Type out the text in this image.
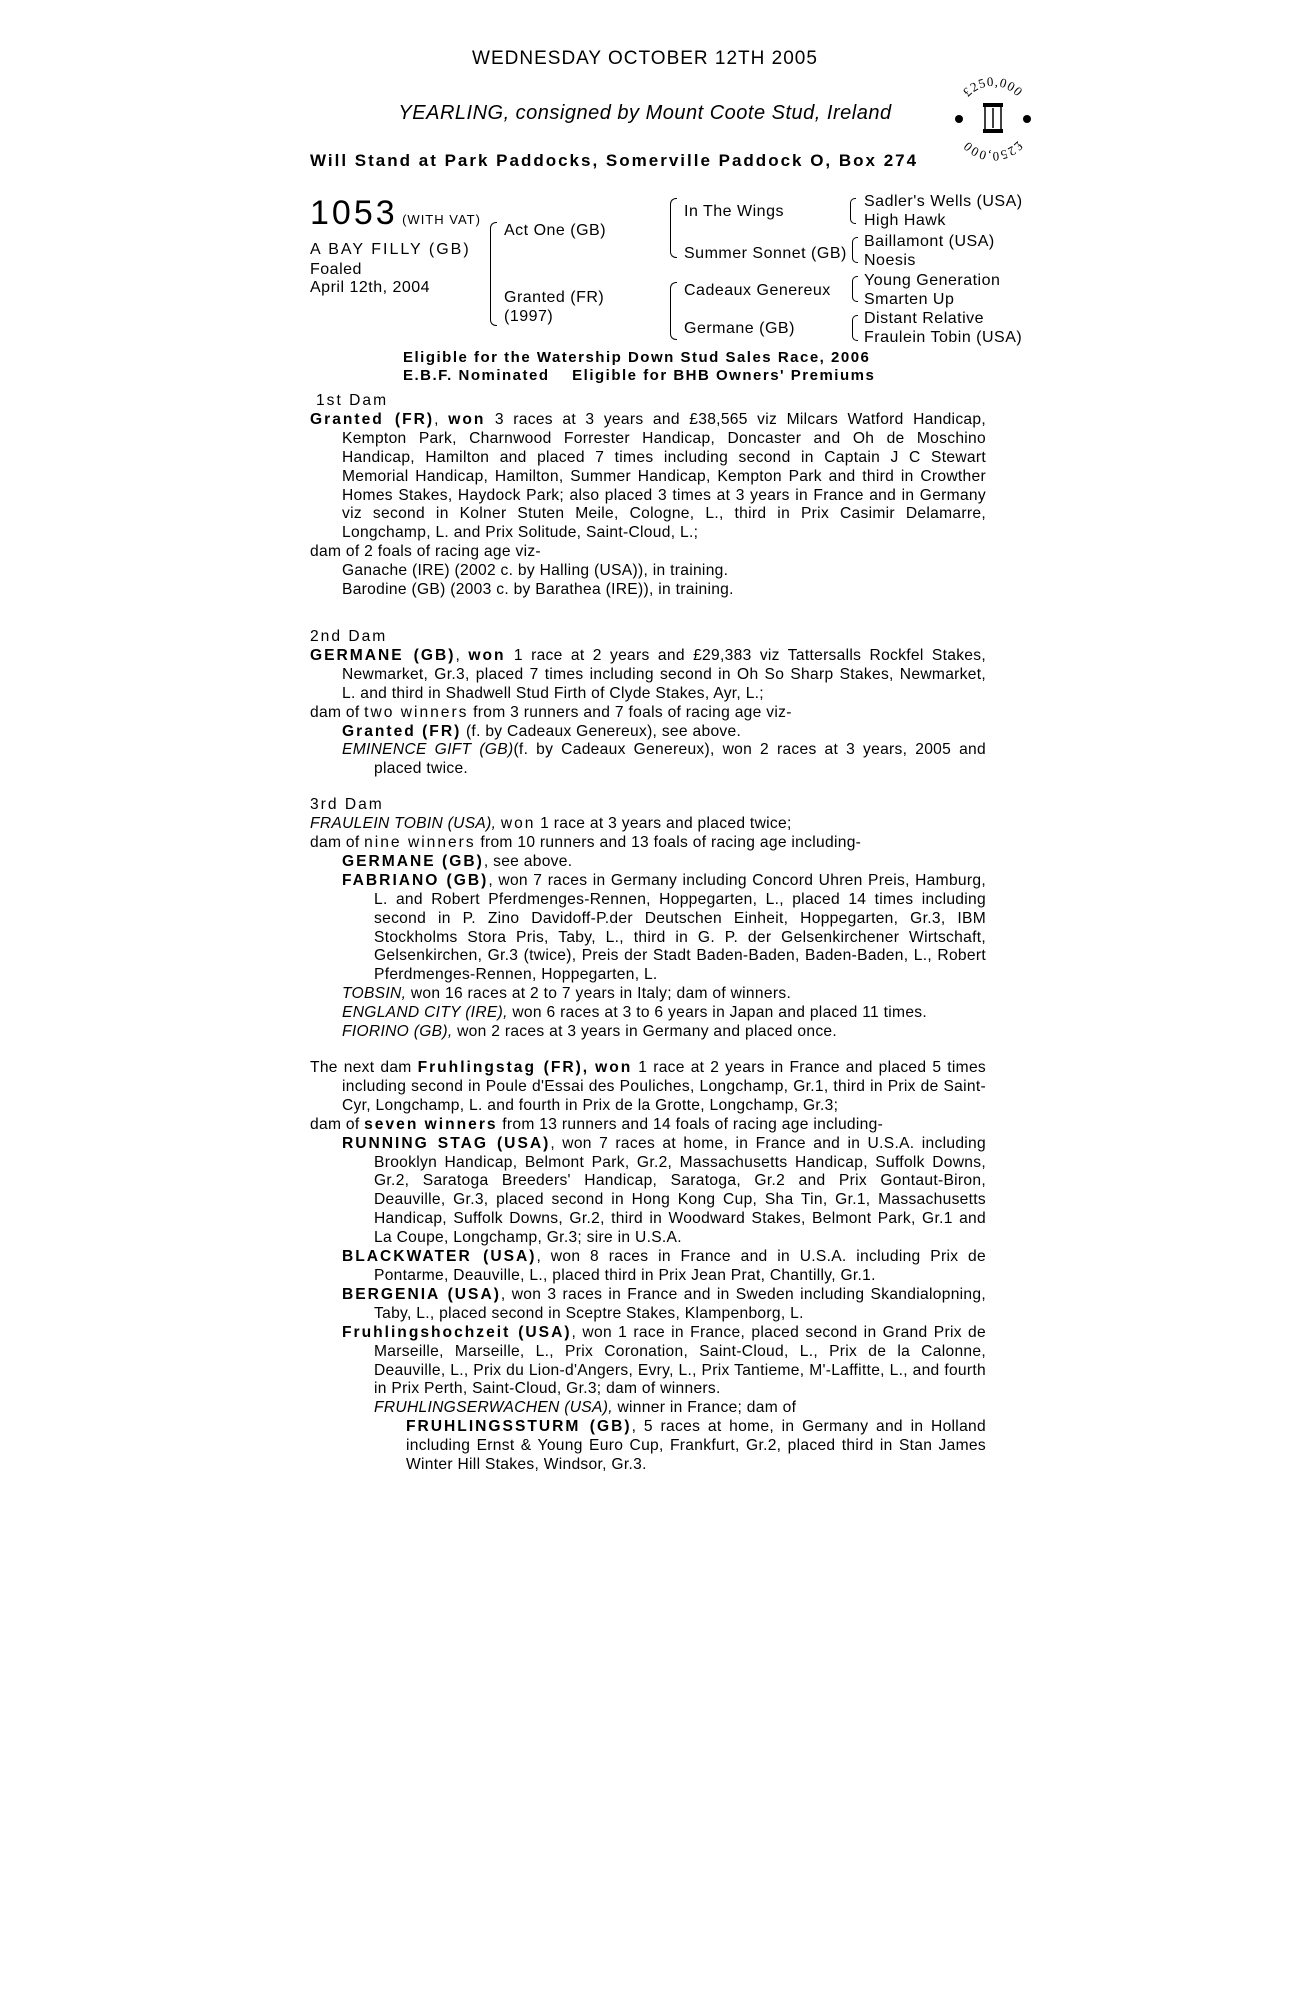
WEDNESDAY OCTOBER 12TH 2005
YEARLING, consigned by Mount Coote Stud, Ireland
Will Stand at Park Paddocks, Somerville Paddock O, Box 274
£250,000
£250,000
1053 (WITH VAT)
A BAY FILLY (GB)
Foaled
April 12th, 2004
Act One (GB)
Granted (FR)
(1997)
In The Wings
Summer Sonnet (GB)
Cadeaux Genereux
Germane (GB)
Sadler's Wells (USA)
High Hawk
Baillamont (USA)
Noesis
Young Generation
Smarten Up
Distant Relative
Fraulein Tobin (USA)
Eligible for the Watership Down Stud Sales Race, 2006
E.B.F. Nominated    Eligible for BHB Owners' Premiums

1st Dam

Granted (FR), won 3 races at 3 years and £38,565 viz Milcars Watford Handicap, Kempton Park, Charnwood Forrester Handicap, Doncaster and Oh de Moschino Handicap, Hamilton and placed 7 times including second in Captain J C Stewart Memorial Handicap, Hamilton, Summer Handicap, Kempton Park and third in Crowther Homes Stakes, Haydock Park; also placed 3 times at 3 years in France and in Germany viz second in Kolner Stuten Meile, Cologne, L., third in Prix Casimir Delamarre, Longchamp, L. and Prix Solitude, Saint-Cloud, L.;

dam of 2 foals of racing age viz-

Ganache (IRE) (2002 c. by Halling (USA)), in training.

Barodine (GB) (2003 c. by Barathea (IRE)), in training.

2nd Dam

GERMANE (GB), won 1 race at 2 years and £29,383 viz Tattersalls Rockfel Stakes, Newmarket, Gr.3, placed 7 times including second in Oh So Sharp Stakes, Newmarket, L. and third in Shadwell Stud Firth of Clyde Stakes, Ayr, L.;

dam of two winners from 3 runners and 7 foals of racing age viz-

Granted (FR) (f. by Cadeaux Genereux), see above.

EMINENCE GIFT (GB)(f. by Cadeaux Genereux), won 2 races at 3 years, 2005 and placed twice.

3rd Dam

FRAULEIN TOBIN (USA), won 1 race at 3 years and placed twice;

dam of nine winners from 10 runners and 13 foals of racing age including-

GERMANE (GB), see above.

FABRIANO (GB), won 7 races in Germany including Concord Uhren Preis, Hamburg, L. and Robert Pferdmenges-Rennen, Hoppegarten, L., placed 14 times including second in P. Zino Davidoff-P.der Deutschen Einheit, Hoppegarten, Gr.3, IBM Stockholms Stora Pris, Taby, L., third in G. P. der Gelsenkirchener Wirtschaft, Gelsenkirchen, Gr.3 (twice), Preis der Stadt Baden-Baden, Baden-Baden, L., Robert Pferdmenges-Rennen, Hoppegarten, L.

TOBSIN, won 16 races at 2 to 7 years in Italy; dam of winners.

ENGLAND CITY (IRE), won 6 races at 3 to 6 years in Japan and placed 11 times.

FIORINO (GB), won 2 races at 3 years in Germany and placed once.

The next dam Fruhlingstag (FR), won 1 race at 2 years in France and placed 5 times including second in Poule d'Essai des Pouliches, Longchamp, Gr.1, third in Prix de Saint-Cyr, Longchamp, L. and fourth in Prix de la Grotte, Longchamp, Gr.3;

dam of seven winners from 13 runners and 14 foals of racing age including-

RUNNING STAG (USA), won 7 races at home, in France and in U.S.A. including Brooklyn Handicap, Belmont Park, Gr.2, Massachusetts Handicap, Suffolk Downs, Gr.2, Saratoga Breeders' Handicap, Saratoga, Gr.2 and Prix Gontaut-Biron, Deauville, Gr.3, placed second in Hong Kong Cup, Sha Tin, Gr.1, Massachusetts Handicap, Suffolk Downs, Gr.2, third in Woodward Stakes, Belmont Park, Gr.1 and La Coupe, Longchamp, Gr.3; sire in U.S.A.

BLACKWATER (USA), won 8 races in France and in U.S.A. including Prix de Pontarme, Deauville, L., placed third in Prix Jean Prat, Chantilly, Gr.1.

BERGENIA (USA), won 3 races in France and in Sweden including Skandialopning, Taby, L., placed second in Sceptre Stakes, Klampenborg, L.

Fruhlingshochzeit (USA), won 1 race in France, placed second in Grand Prix de Marseille, Marseille, L., Prix Coronation, Saint-Cloud, L., Prix de la Calonne, Deauville, L., Prix du Lion-d'Angers, Evry, L., Prix Tantieme, M'-Laffitte, L., and fourth in Prix Perth, Saint-Cloud, Gr.3; dam of winners.

FRUHLINGSERWACHEN (USA), winner in France; dam of

FRUHLINGSSTURM (GB), 5 races at home, in Germany and in Holland including Ernst & Young Euro Cup, Frankfurt, Gr.2, placed third in Stan James Winter Hill Stakes, Windsor, Gr.3.
